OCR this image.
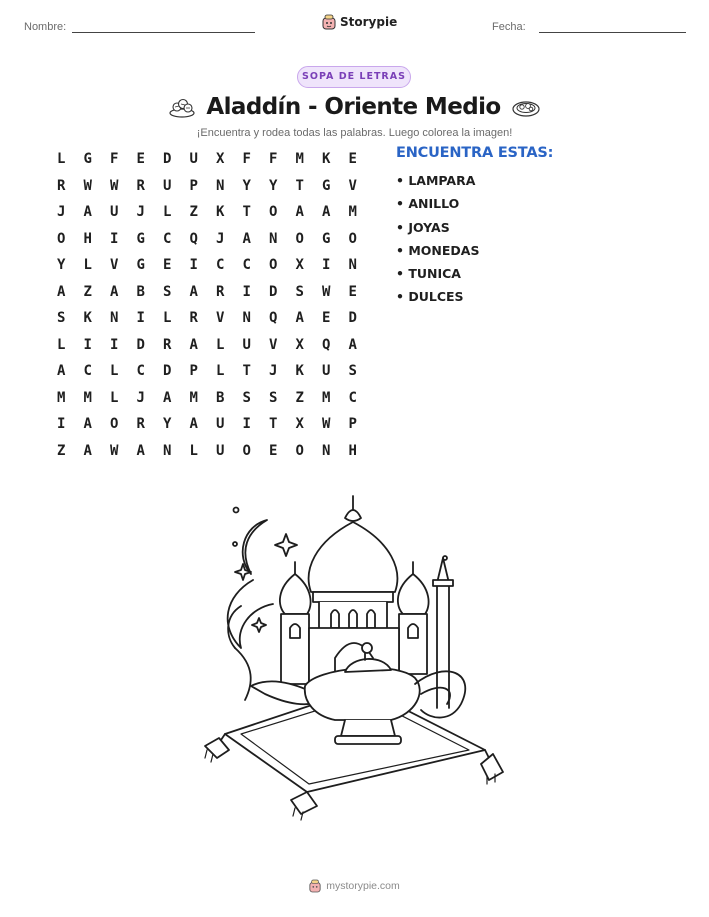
Nombre:	Storypie	Fecha:
SOPA DE LETRAS
Aladdín - Oriente Medio
¡Encuentra y rodea todas las palabras. Luego colorea la imagen!
L	G	F	E	D	U	X	F	F	M	K	E
R	W	W	R	U	P	N	Y	Y	T	G	V
J	A	U	J	L	Z	K	T	O	A	A	M
O	H	I	G	C	Q	J	A	N	O	G	O
Y	L	V	G	E	I	C	C	O	X	I	N
A	Z	A	B	S	A	R	I	D	S	W	E
S	K	N	I	L	R	V	N	Q	A	E	D
L	I	I	D	R	A	L	U	V	X	Q	A
A	C	L	C	D	P	L	T	J	K	U	S
M	M	L	J	A	M	B	S	S	Z	M	C
I	A	O	R	Y	A	U	I	T	X	W	P
Z	A	W	A	N	L	U	O	E	O	N	H
ENCUENTRA ESTAS:
• LAMPARA
• ANILLO
• JOYAS
• MONEDAS
• TUNICA
• DULCES
mystorypie.com
